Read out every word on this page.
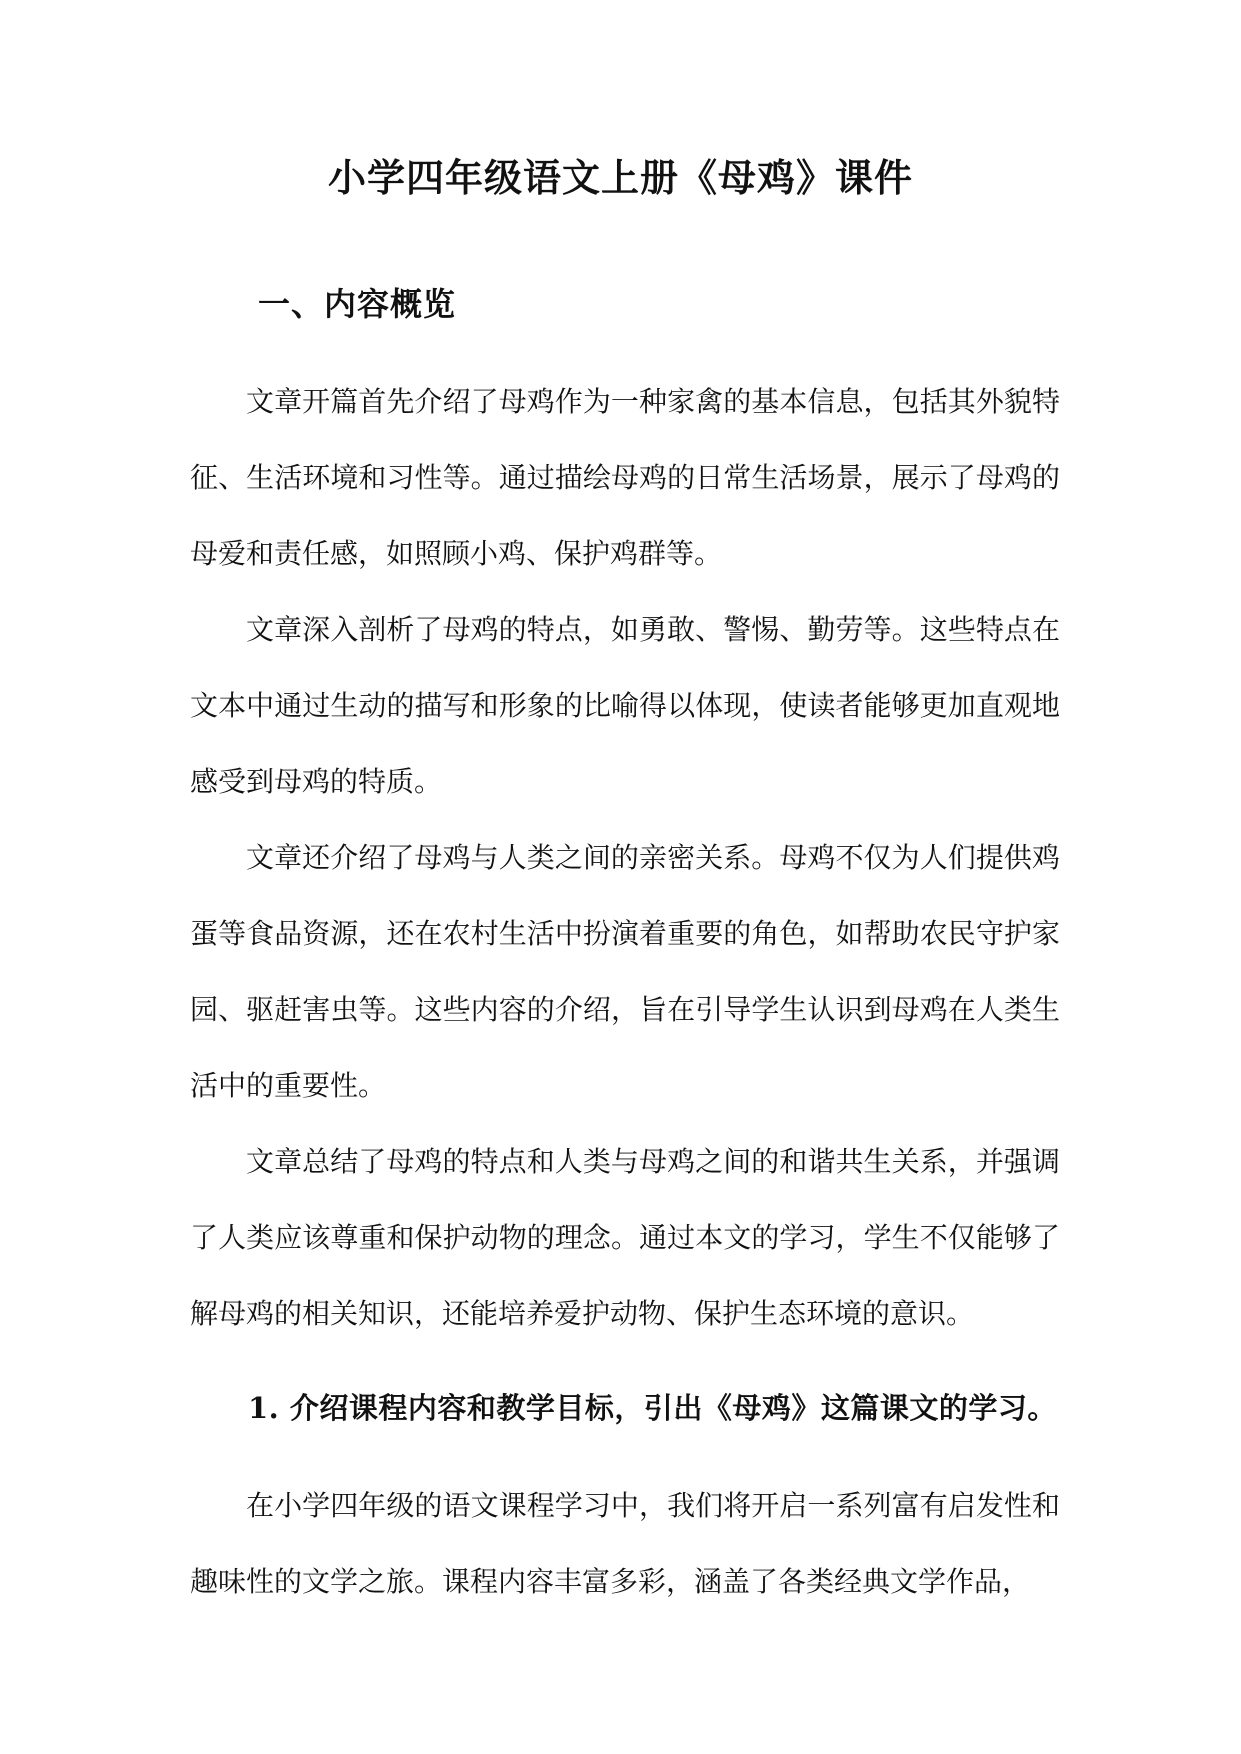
小学四年级语文上册《母鸡》课件
一、内容概览

文章开篇首先介绍了母鸡作为一种家禽的基本信息，包括其外貌特征、生活环境和习性等。通过描绘母鸡的日常生活场景，展示了母鸡的母爱和责任感，如照顾小鸡、保护鸡群等。

文章深入剖析了母鸡的特点，如勇敢、警惕、勤劳等。这些特点在文本中通过生动的描写和形象的比喻得以体现，使读者能够更加直观地感受到母鸡的特质。

文章还介绍了母鸡与人类之间的亲密关系。母鸡不仅为人们提供鸡蛋等食品资源，还在农村生活中扮演着重要的角色，如帮助农民守护家园、驱赶害虫等。这些内容的介绍，旨在引导学生认识到母鸡在人类生活中的重要性。

文章总结了母鸡的特点和人类与母鸡之间的和谐共生关系，并强调了人类应该尊重和保护动物的理念。通过本文的学习，学生不仅能够了解母鸡的相关知识，还能培养爱护动物、保护生态环境的意识。

1. 介绍课程内容和教学目标，引出《母鸡》这篇课文的学习。

在小学四年级的语文课程学习中，我们将开启一系列富有启发性和趣味性的文学之旅。课程内容丰富多彩，涵盖了各类经典文学作品，
